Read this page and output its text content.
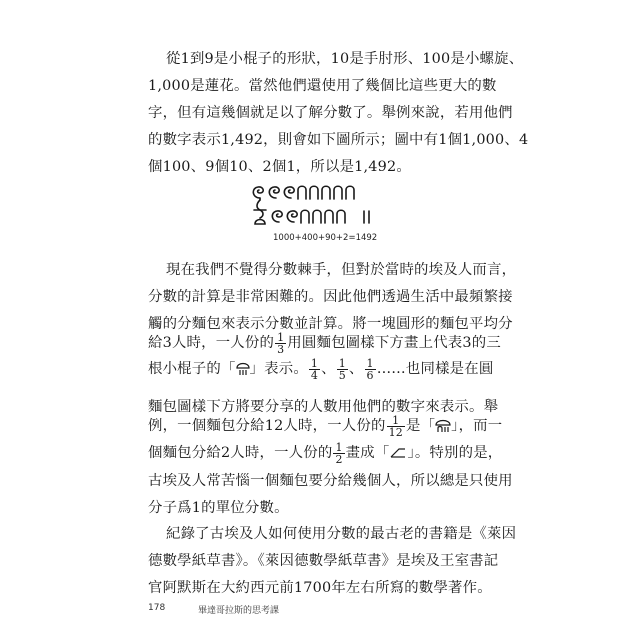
從1到9是小棍子的形狀，10是手肘形、100是小螺旋、
1,000是蓮花。當然他們還使用了幾個比這些更大的數
字，但有這幾個就足以了解分數了。舉例來說，若用他們
的數字表示1,492，則會如下圖所示；圖中有1個1,000、4
個100、9個10、2個1，所以是1,492。
1000+400+90+2=1492
現在我們不覺得分數棘手，但對於當時的埃及人而言，
分數的計算是非常困難的。因此他們透過生活中最頻繁接
觸的分麵包來表示分數並計算。將一塊圓形的麵包平均分
給3人時，一人份的 $\frac{1}{3}$ 用圓麵包圖樣下方畫上代表3的三
根小棍子的「 」表示。 $\frac{1}{4}$ 、 $\frac{1}{5}$ 、 $\frac{1}{6}$ ……也同樣是在圓
麵包圖樣下方將要分享的人數用他們的數字來表示。舉
例，一個麵包分給12人時，一人份的 $\frac{1}{12}$ 是「 」，而一
個麵包分給2人時，一人份的 $\frac{1}{2}$ 畫成「 」。特別的是，
古埃及人常苦惱一個麵包要分給幾個人，所以總是只使用
分子爲1的單位分數。
紀錄了古埃及人如何使用分數的最古老的書籍是《萊因
德數學紙草書》。《萊因德數學紙草書》是埃及王室書記
官阿默斯在大約西元前1700年左右所寫的數學著作。
178	畢達哥拉斯的思考課
